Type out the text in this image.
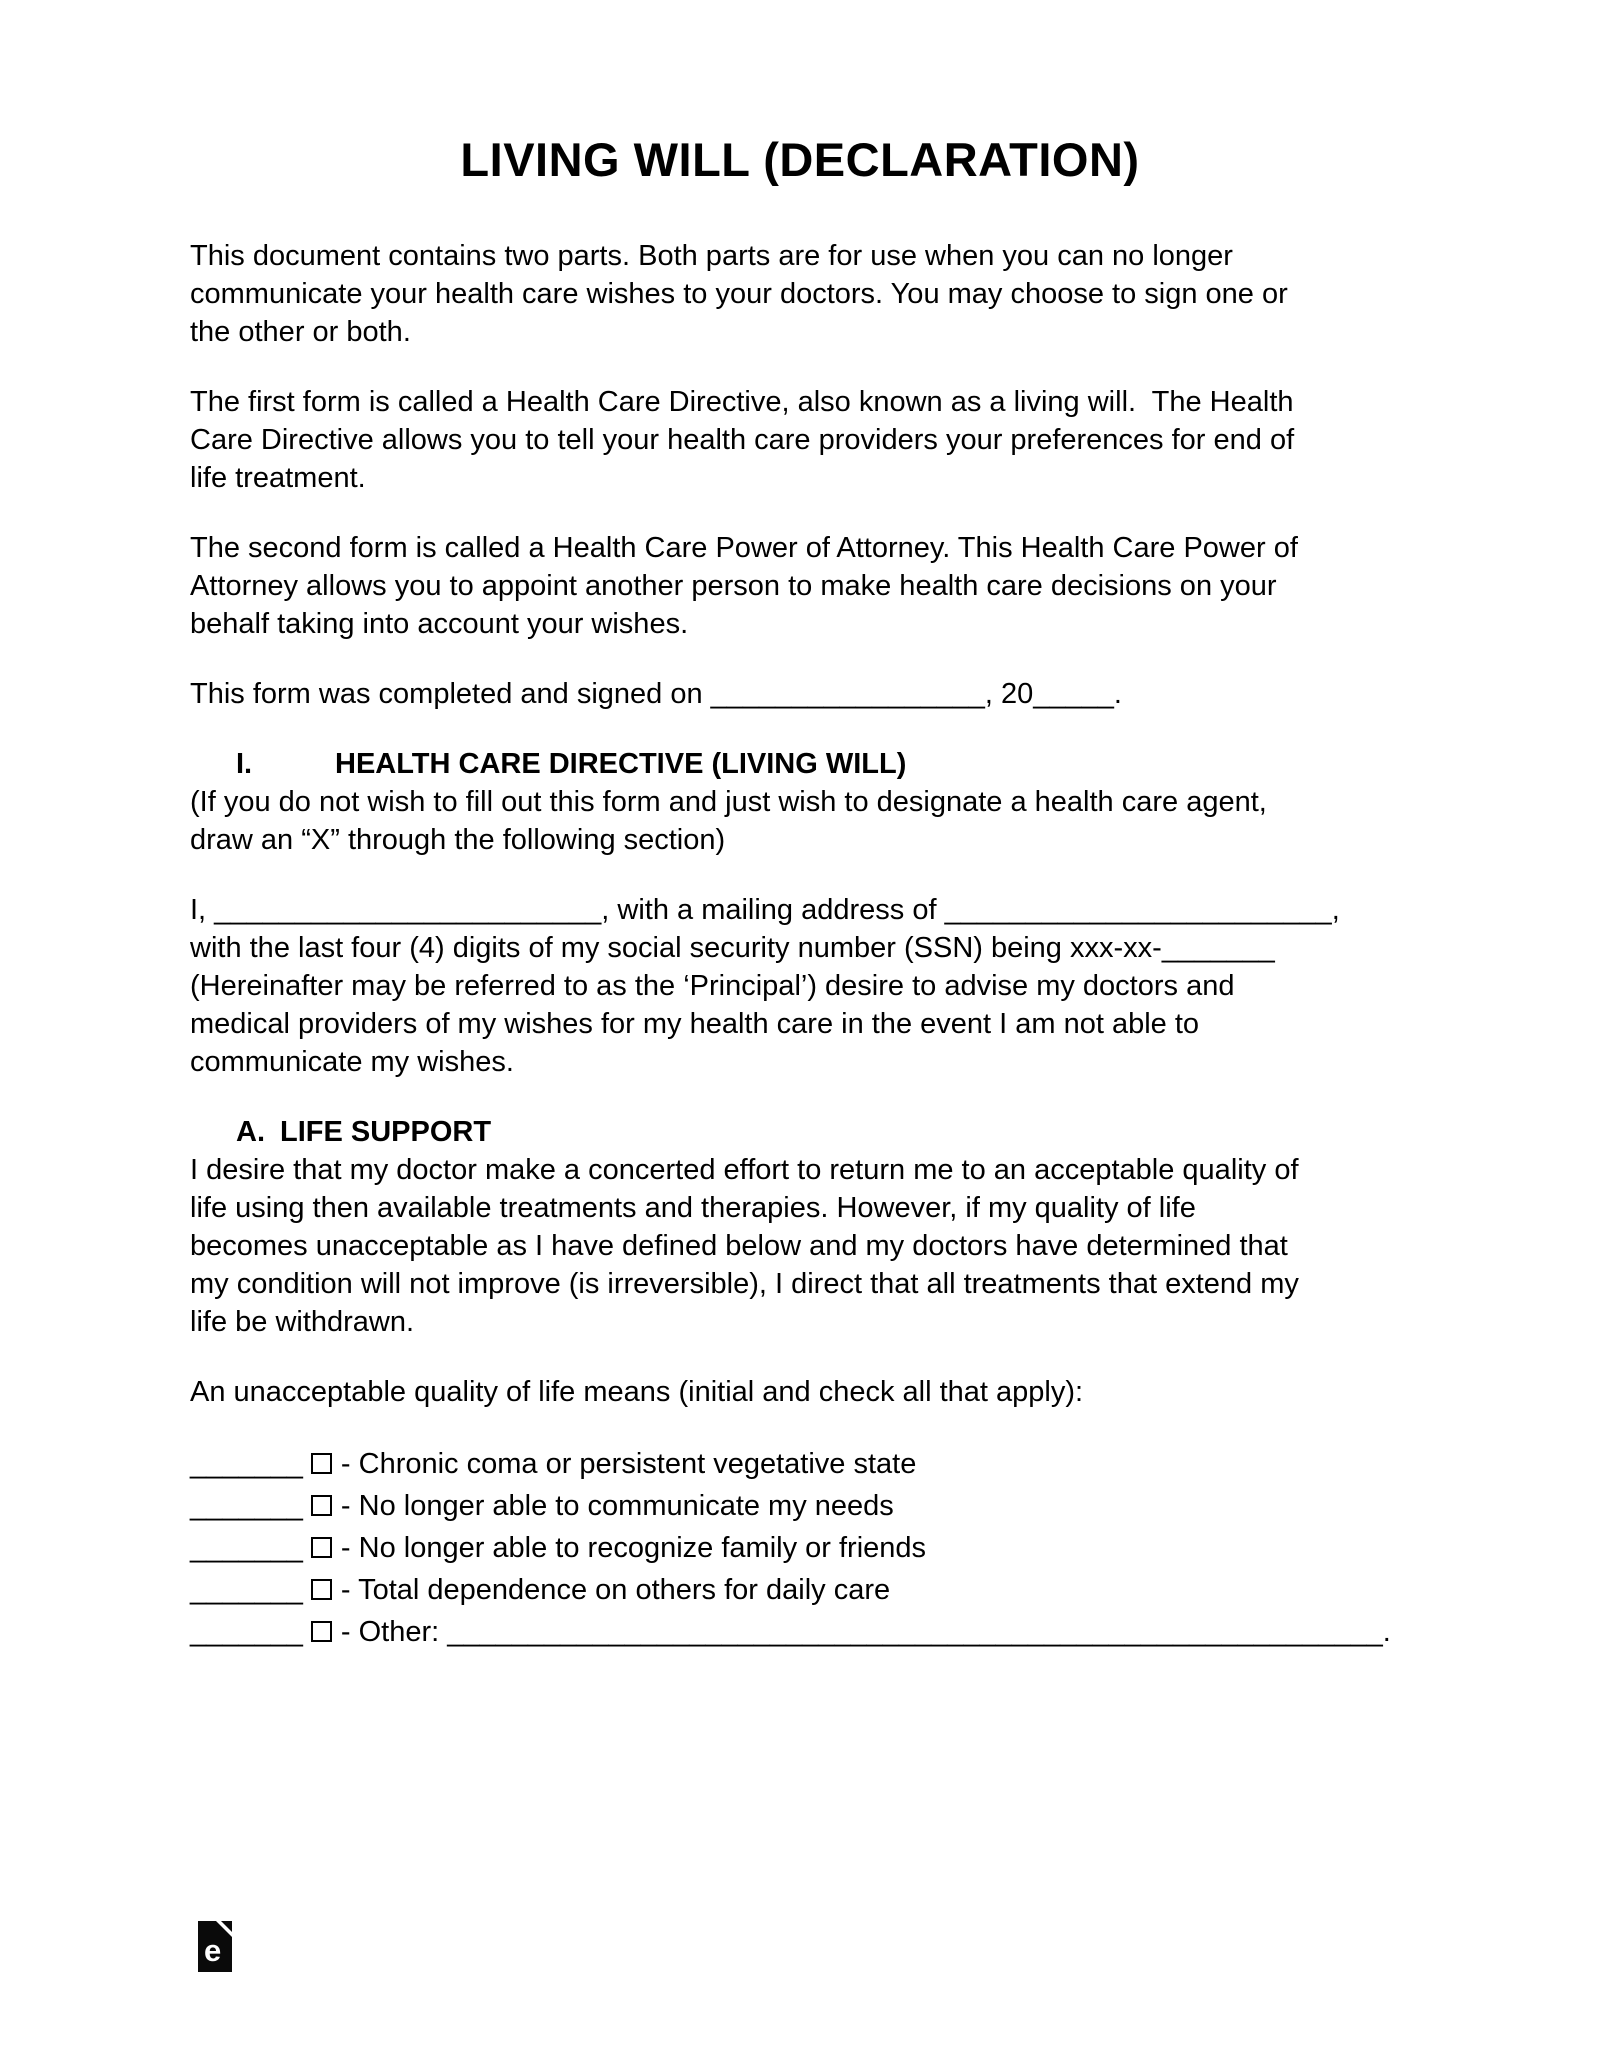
LIVING WILL (DECLARATION)
This document contains two parts. Both parts are for use when you can no longer
communicate your health care wishes to your doctors. You may choose to sign one or
the other or both.
The first form is called a Health Care Directive, also known as a living will.  The Health
Care Directive allows you to tell your health care providers your preferences for end of
life treatment.
The second form is called a Health Care Power of Attorney. This Health Care Power of
Attorney allows you to appoint another person to make health care decisions on your
behalf taking into account your wishes.
This form was completed and signed on _________________, 20_____.
I.	HEALTH CARE DIRECTIVE (LIVING WILL)
(If you do not wish to fill out this form and just wish to designate a health care agent,
draw an “X” through the following section)
I, ________________________, with a mailing address of ________________________,
with the last four (4) digits of my social security number (SSN) being xxx-xx-_______
(Hereinafter may be referred to as the ‘Principal’) desire to advise my doctors and
medical providers of my wishes for my health care in the event I am not able to
communicate my wishes.
A. LIFE SUPPORT
I desire that my doctor make a concerted effort to return me to an acceptable quality of
life using then available treatments and therapies. However, if my quality of life
becomes unacceptable as I have defined below and my doctors have determined that
my condition will not improve (is irreversible), I direct that all treatments that extend my
life be withdrawn.
An unacceptable quality of life means (initial and check all that apply):
_______ - Chronic coma or persistent vegetative state
_______ - No longer able to communicate my needs
_______ - No longer able to recognize family or friends
_______ - Total dependence on others for daily care
_______ - Other: __________________________________________________________.
e
